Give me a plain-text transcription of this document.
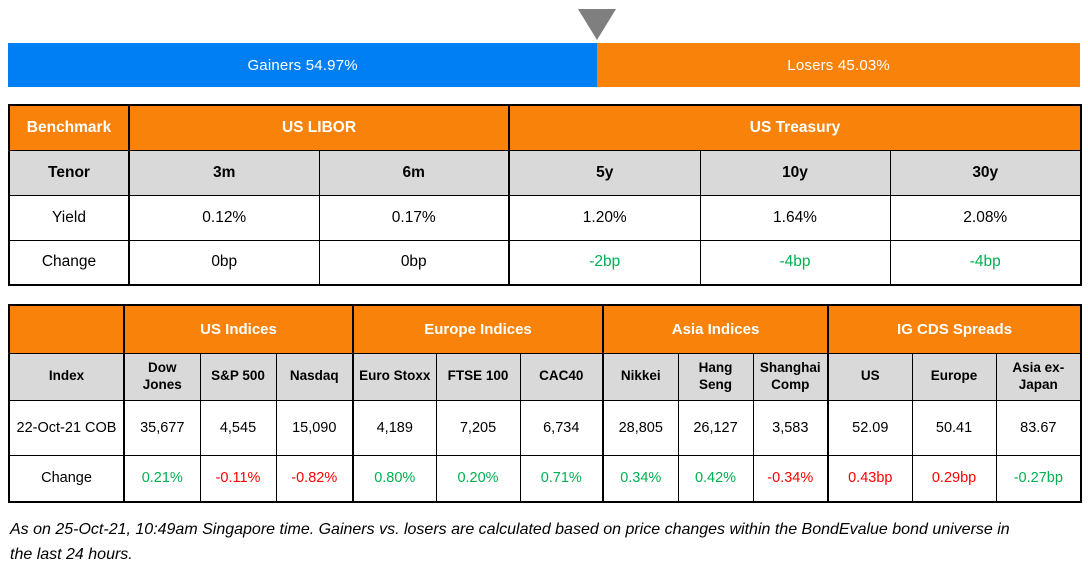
Gainers 54.97%	Losers 45.03%
Benchmark	US LIBOR		US Treasury		
Tenor	3m	6m	5y	10y	30y
Yield	0.12%	0.17%	1.20%	1.64%	2.08%
Change	0bp	0bp	-2bp	-4bp	-4bp
	US Indices			Europe Indices			Asia Indices			IG CDS Spreads		
Index	Dow Jones	S&P 500	Nasdaq	Euro Stoxx	FTSE 100	CAC40	Nikkei	Hang Seng	Shanghai Comp	US	Europe	Asia ex-Japan
22-Oct-21 COB	35,677	4,545	15,090	4,189	7,205	6,734	28,805	26,127	3,583	52.09	50.41	83.67
Change	0.21%	-0.11%	-0.82%	0.80%	0.20%	0.71%	0.34%	0.42%	-0.34%	0.43bp	0.29bp	-0.27bp

As on 25-Oct-21, 10:49am Singapore time. Gainers vs. losers are calculated based on price changes within the BondEvalue bond universe in the last 24 hours.
